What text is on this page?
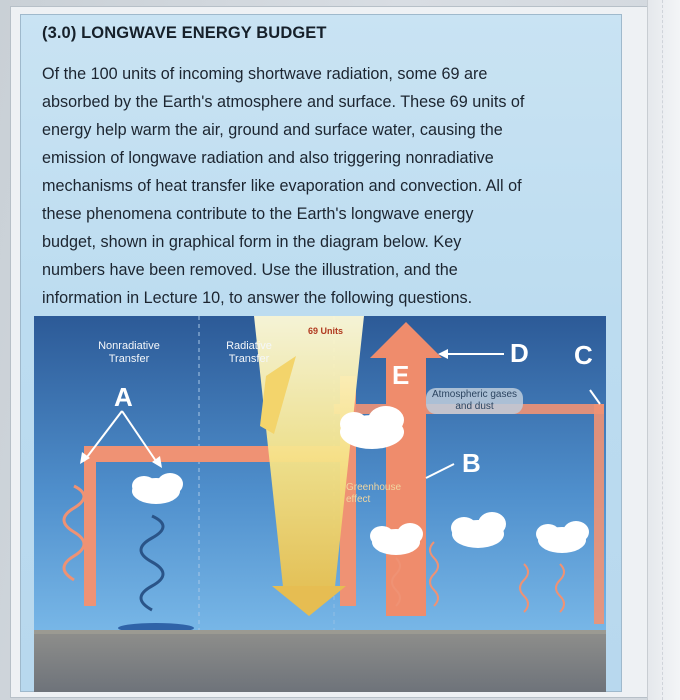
(3.0) LONGWAVE ENERGY BUDGET

Of the 100 units of incoming shortwave radiation, some 69 are
absorbed by the Earth's atmosphere and surface. These 69 units of
energy help warm the air, ground and surface water, causing the
emission of longwave radiation and also triggering nonradiative
mechanisms of heat transfer like evaporation and convection. All of
these phenomena contribute to the Earth's longwave energy
budget, shown in graphical form in the diagram below. Key
numbers have been removed. Use the illustration, and the
information in Lecture 10, to answer the following questions.

Nonradiative
Transfer
Radiative
Transfer
69 Units
A
E
D C
B
Atmospheric gases
and dust
Greenhouse
effect
